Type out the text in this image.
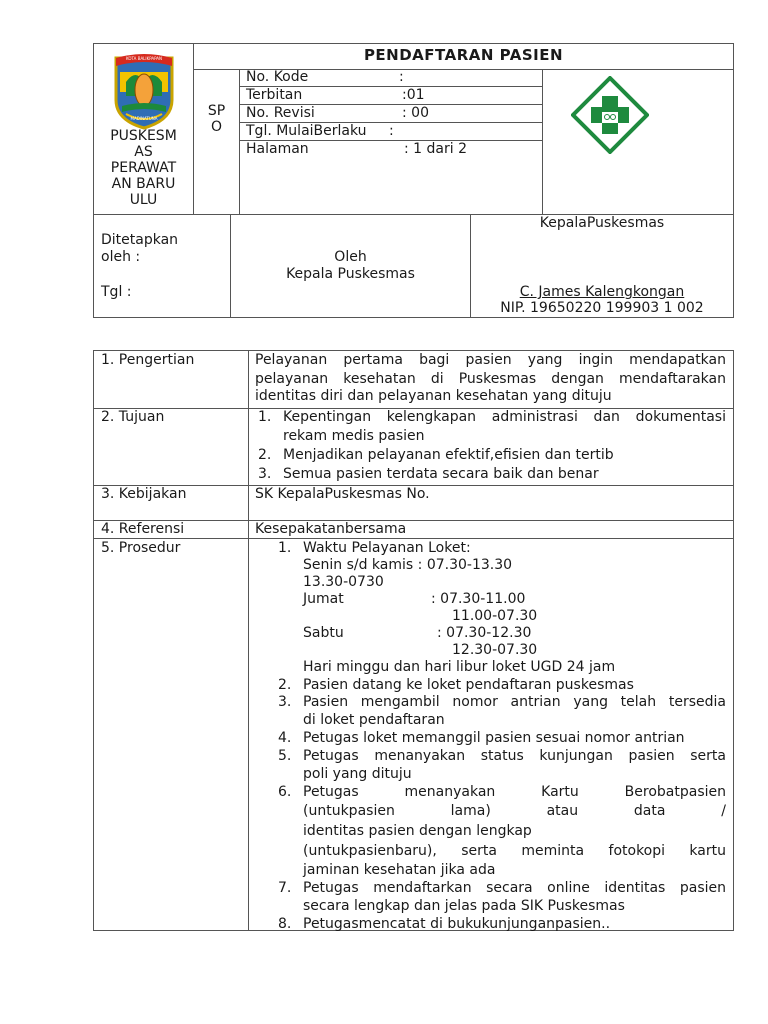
KOTA BALIKPAPAN
MADINATUNA
PUSKESM
AS
PERAWAT
AN BARU
ULU
PENDAFTARAN PASIEN
SP
O
No. Kode	:
Terbitan	:01
No. Revisi	: 00
Tgl. MulaiBerlaku :
Halaman	: 1 dari 2
Ditetapkan
oleh :
Tgl :
Oleh
Kepala Puskesmas
KepalaPuskesmas
C. James Kalengkongan
NIP. 19650220 199903 1 002
1. Pengertian	Pelayanan pertama bagi pasien yang ingin mendapatkan
pelayanan kesehatan di Puskesmas dengan mendaftarakan
identitas diri dan pelayanan kesehatan yang dituju
2. Tujuan	1. Kepentingan kelengkapan administrasi dan dokumentasi
rekam medis pasien
2. Menjadikan pelayanan efektif,efisien dan tertib
3. Semua pasien terdata secara baik dan benar
3. Kebijakan	SK KepalaPuskesmas No.
4. Referensi	Kesepakatanbersama
5. Prosedur	1. Waktu Pelayanan Loket:
Senin s/d kamis : 07.30-13.30
13.30-0730
Jumat	: 07.30-11.00
11.00-07.30
Sabtu	: 07.30-12.30
12.30-07.30
Hari minggu dan hari libur loket UGD 24 jam
2. Pasien datang ke loket pendaftaran puskesmas
3. Pasien mengambil nomor antrian yang telah tersedia
di loket pendaftaran
4. Petugas loket memanggil pasien sesuai nomor antrian
5. Petugas menanyakan status kunjungan pasien serta
poli yang dituju
6. Petugas menanyakan Kartu Berobatpasien
(untukpasien lama) atau data /
identitas pasien dengan lengkap
(untukpasienbaru), serta meminta fotokopi kartu
jaminan kesehatan jika ada
7. Petugas mendaftarkan secara online identitas pasien
secara lengkap dan jelas pada SIK Puskesmas
8. Petugasmencatat di bukukunjunganpasien..
